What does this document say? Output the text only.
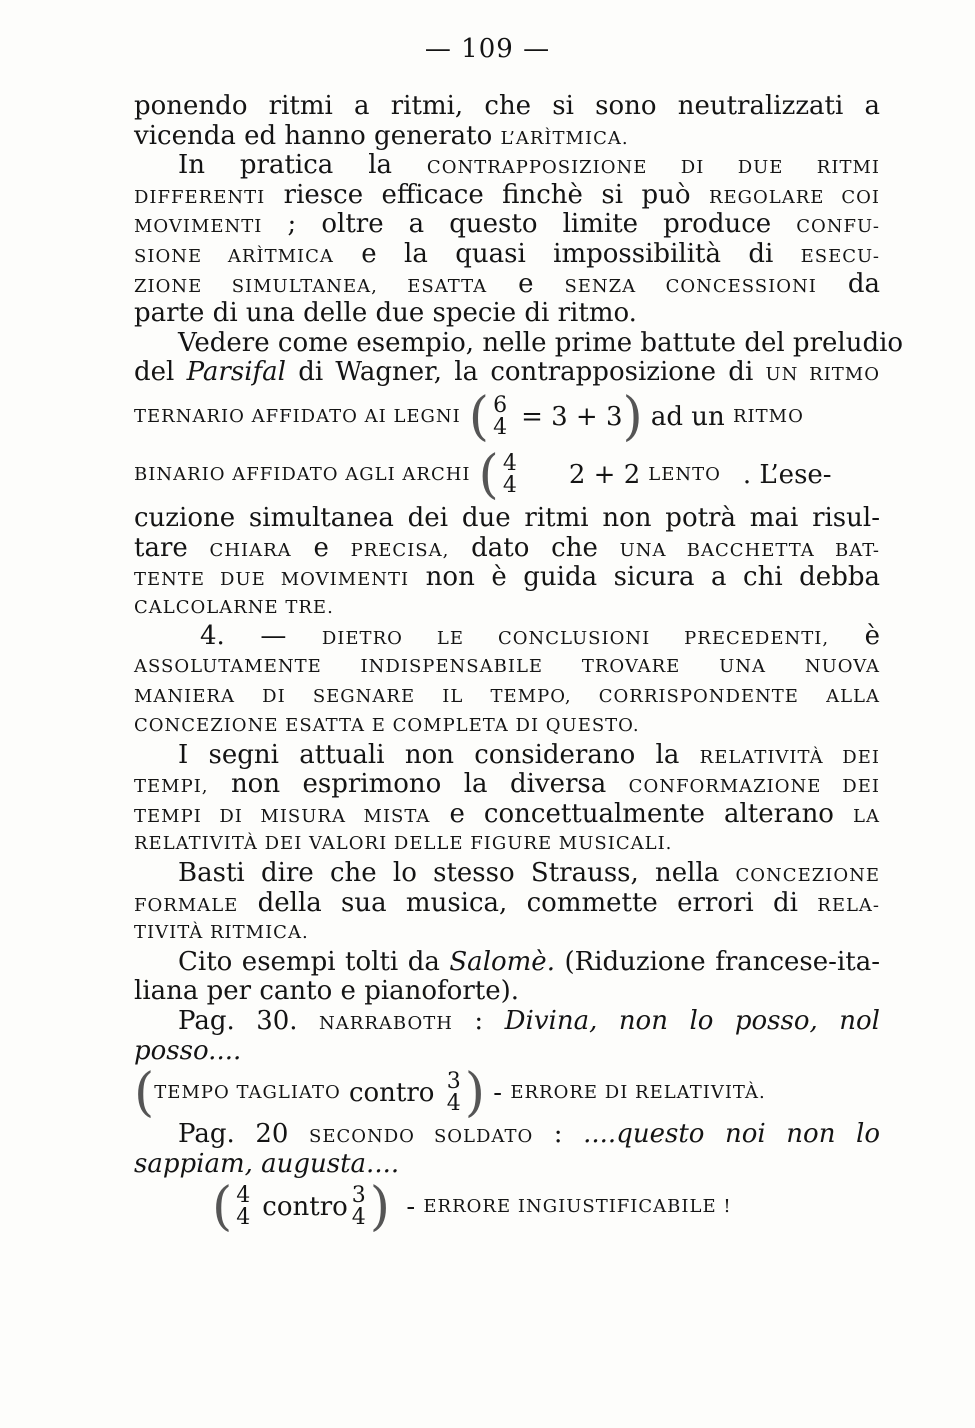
— 109 —
ponendo ritmi a ritmi, che si sono neutralizzati a
vicenda ed hanno generato L’ARÌTMICA.
In pratica la CONTRAPPOSIZIONE DI DUE RITMI
DIFFERENTI riesce efficace finchè si può REGOLARE COI
MOVIMENTI ; oltre a questo limite produce CONFU-
SIONE ARÌTMICA e la quasi impossibilità di ESECU-
ZIONE SIMULTANEA, ESATTA e SENZA CONCESSIONI da
parte di una delle due specie di ritmo.
Vedere come esempio, nelle prime battute del preludio
del Parsifal di Wagner, la contrapposizione di UN RITMO
TERNARIO AFFIDATO AI LEGNI ( 6
4 = 3 + 3 ) ad un RITMO
BINARIO AFFIDATO AGLI ARCHI ( 4
4 2 + 2 LENTO . L’ese-
cuzione simultanea dei due ritmi non potrà mai risul-
tare CHIARA e PRECISA, dato che UNA BACCHETTA BAT-
TENTE DUE MOVIMENTI non è guida sicura a chi debba
CALCOLARNE TRE.
4. — DIETRO LE CONCLUSIONI PRECEDENTI, è
ASSOLUTAMENTE INDISPENSABILE TROVARE UNA NUOVA
MANIERA DI SEGNARE IL TEMPO, CORRISPONDENTE ALLA
CONCEZIONE ESATTA E COMPLETA DI QUESTO.
I segni attuali non considerano la RELATIVITÀ DEI
TEMPI, non esprimono la diversa CONFORMAZIONE DEI
TEMPI DI MISURA MISTA e concettualmente alterano LA
RELATIVITÀ DEI VALORI DELLE FIGURE MUSICALI.
Basti dire che lo stesso Strauss, nella CONCEZIONE
FORMALE della sua musica, commette errori di RELA-
TIVITÀ RITMICA.
Cito esempi tolti da Salomè. (Riduzione francese-ita-
liana per canto e pianoforte).
Pag. 30. NARRABOTH : Divina, non lo posso, nol
posso....
( TEMPO TAGLIATO contro 3
4 ) - ERRORE DI RELATIVITÀ.
Pag. 20 SECONDO SOLDATO : ....questo noi non lo
sappiam, augusta....
( 4
4 contro 3
4 ) - ERRORE INGIUSTIFICABILE !
